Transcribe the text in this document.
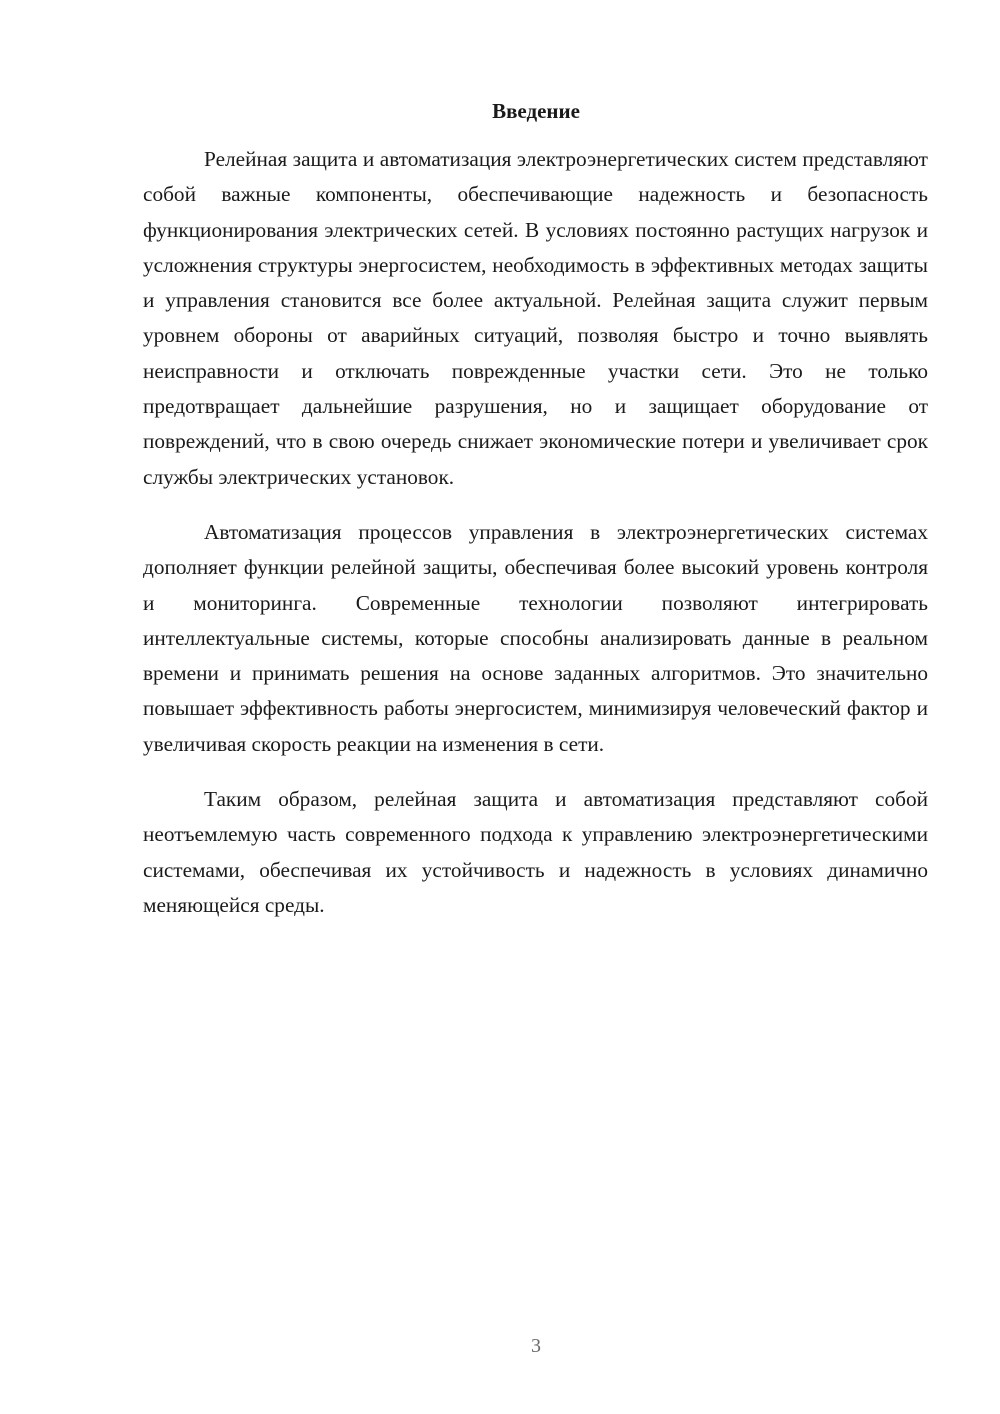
Введение

Релейная защита и автоматизация электроэнергетических систем представляют собой важные компоненты, обеспечивающие надежность и безопасность функционирования электрических сетей. В условиях постоянно растущих нагрузок и усложнения структуры энергосистем, необходимость в эффективных методах защиты и управления становится все более актуальной. Релейная защита служит первым уровнем обороны от аварийных ситуаций, позволяя быстро и точно выявлять неисправности и отключать поврежденные участки сети. Это не только предотвращает дальнейшие разрушения, но и защищает оборудование от повреждений, что в свою очередь снижает экономические потери и увеличивает срок службы электрических установок.

Автоматизация процессов управления в электроэнергетических системах дополняет функции релейной защиты, обеспечивая более высокий уровень контроля и мониторинга. Современные технологии позволяют интегрировать интеллектуальные системы, которые способны анализировать данные в реальном времени и принимать решения на основе заданных алгоритмов. Это значительно повышает эффективность работы энергосистем, минимизируя человеческий фактор и увеличивая скорость реакции на изменения в сети.

Таким образом, релейная защита и автоматизация представляют собой неотъемлемую часть современного подхода к управлению электроэнергетическими системами, обеспечивая их устойчивость и надежность в условиях динамично меняющейся среды.

3
